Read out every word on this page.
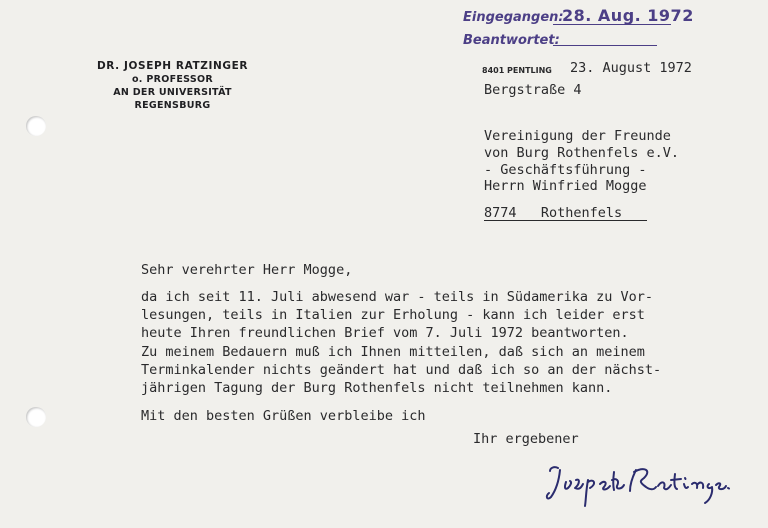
Eingegangen:
28. Aug. 1972
Beantwortet:
DR. JOSEPH RATZINGER
o. PROFESSOR
AN DER UNIVERSITÄT REGENSBURG
8401 PENTLING 23. August 1972
Bergstraße 4
Vereinigung der Freunde
von Burg Rothenfels e.V.
- Geschäftsführung -
Herrn Winfried Mogge
8774   Rothenfels
Sehr verehrter Herr Mogge,
da ich seit 11. Juli abwesend war - teils in Südamerika zu Vor-
lesungen, teils in Italien zur Erholung - kann ich leider erst
heute Ihren freundlichen Brief vom 7. Juli 1972 beantworten.
Zu meinem Bedauern muß ich Ihnen mitteilen, daß sich an meinem
Terminkalender nichts geändert hat und daß ich so an der nächst-
jährigen Tagung der Burg Rothenfels nicht teilnehmen kann.
Mit den besten Grüßen verbleibe ich
Ihr ergebener
